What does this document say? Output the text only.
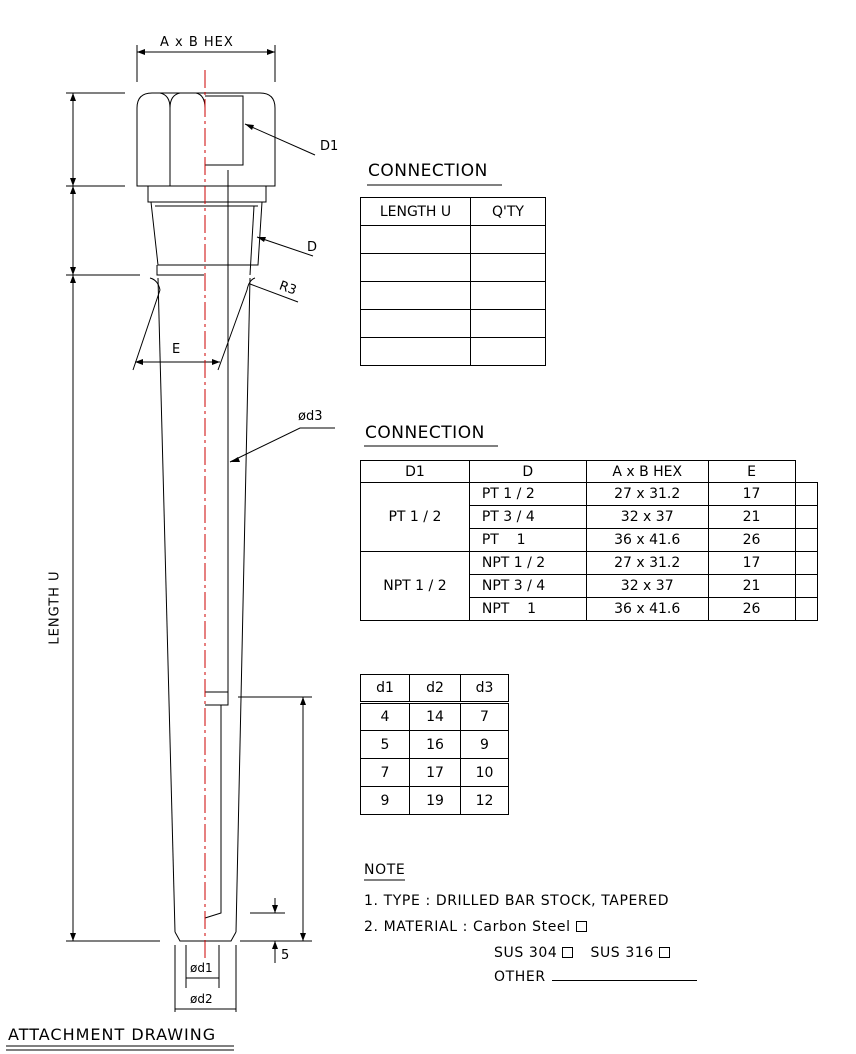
A x B HEX
D1
D
R3
E
ød3
LENGTH U
ød1
ød2
5
ATTACHMENT DRAWING
CONNECTION
LENGTH U	Q'TY

CONNECTION
D1	D	A x B HEX	E	
PT 1 / 2	PT 1 / 2	27 x 31.2	17	
	PT 3 / 4	32 x 37	21	
	PT    1	36 x 41.6	26	
NPT 1 / 2	NPT 1 / 2	27 x 31.2	17	
	NPT 3 / 4	32 x 37	21	
	NPT    1	36 x 41.6	26	
d1	d2	d3
4	14	7
5	16	9
7	17	10
9	19	12
NOTE
1. TYPE : DRILLED BAR STOCK, TAPERED
2. MATERIAL : Carbon Steel
SUS 304 SUS 316
OTHER
